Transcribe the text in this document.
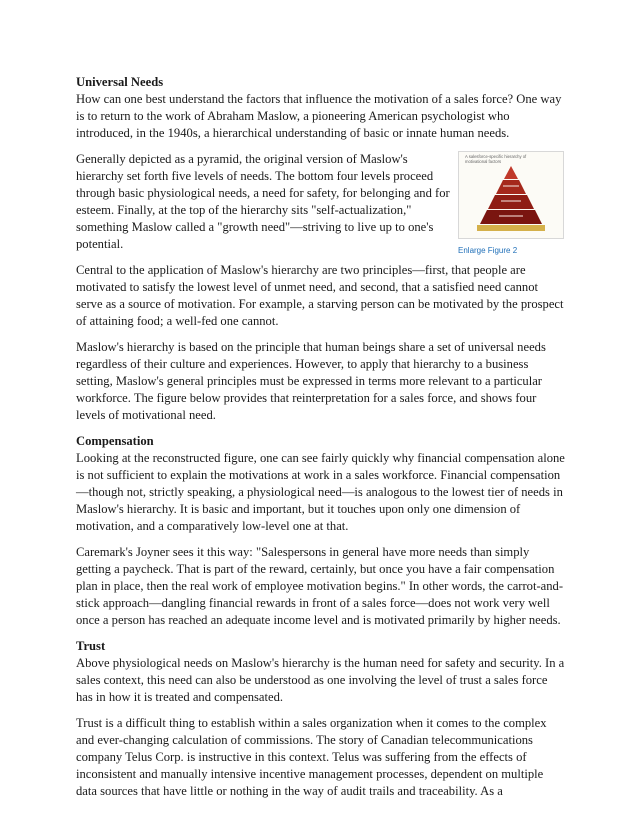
Universal Needs

How can one best understand the factors that influence the motivation of a sales force? One way is to return to the work of Abraham Maslow, a pioneering American psychologist who introduced, in the 1940s, a hierarchical understanding of basic or innate human needs.

A salesforce-specific hierarchy of motivational factors
Enlarge Figure 2

Generally depicted as a pyramid, the original version of Maslow's hierarchy set forth five levels of needs. The bottom four levels proceed through basic physiological needs, a need for safety, for belonging and for esteem. Finally, at the top of the hierarchy sits "self-actualization," something Maslow called a "growth need"—striving to live up to one's potential.

Central to the application of Maslow's hierarchy are two principles—first, that people are motivated to satisfy the lowest level of unmet need, and second, that a satisfied need cannot serve as a source of motivation. For example, a starving person can be motivated by the prospect of attaining food; a well-fed one cannot.

Maslow's hierarchy is based on the principle that human beings share a set of universal needs regardless of their culture and experiences. However, to apply that hierarchy to a business setting, Maslow's general principles must be expressed in terms more relevant to a particular workforce. The figure below provides that reinterpretation for a sales force, and shows four levels of motivational need.

Compensation

Looking at the reconstructed figure, one can see fairly quickly why financial compensation alone is not sufficient to explain the motivations at work in a sales workforce. Financial compensation—though not, strictly speaking, a physiological need—is analogous to the lowest tier of needs in Maslow's hierarchy. It is basic and important, but it touches upon only one dimension of motivation, and a comparatively low-level one at that.

Caremark's Joyner sees it this way: "Salespersons in general have more needs than simply getting a paycheck. That is part of the reward, certainly, but once you have a fair compensation plan in place, then the real work of employee motivation begins." In other words, the carrot-and-stick approach—dangling financial rewards in front of a sales force—does not work very well once a person has reached an adequate income level and is motivated primarily by higher needs.

Trust

Above physiological needs on Maslow's hierarchy is the human need for safety and security. In a sales context, this need can also be understood as one involving the level of trust a sales force has in how it is treated and compensated.

Trust is a difficult thing to establish within a sales organization when it comes to the complex and ever-changing calculation of commissions. The story of Canadian telecommunications company Telus Corp. is instructive in this context. Telus was suffering from the effects of inconsistent and manually intensive incentive management processes, dependent on multiple data sources that have little or nothing in the way of audit trails and traceability. As a
